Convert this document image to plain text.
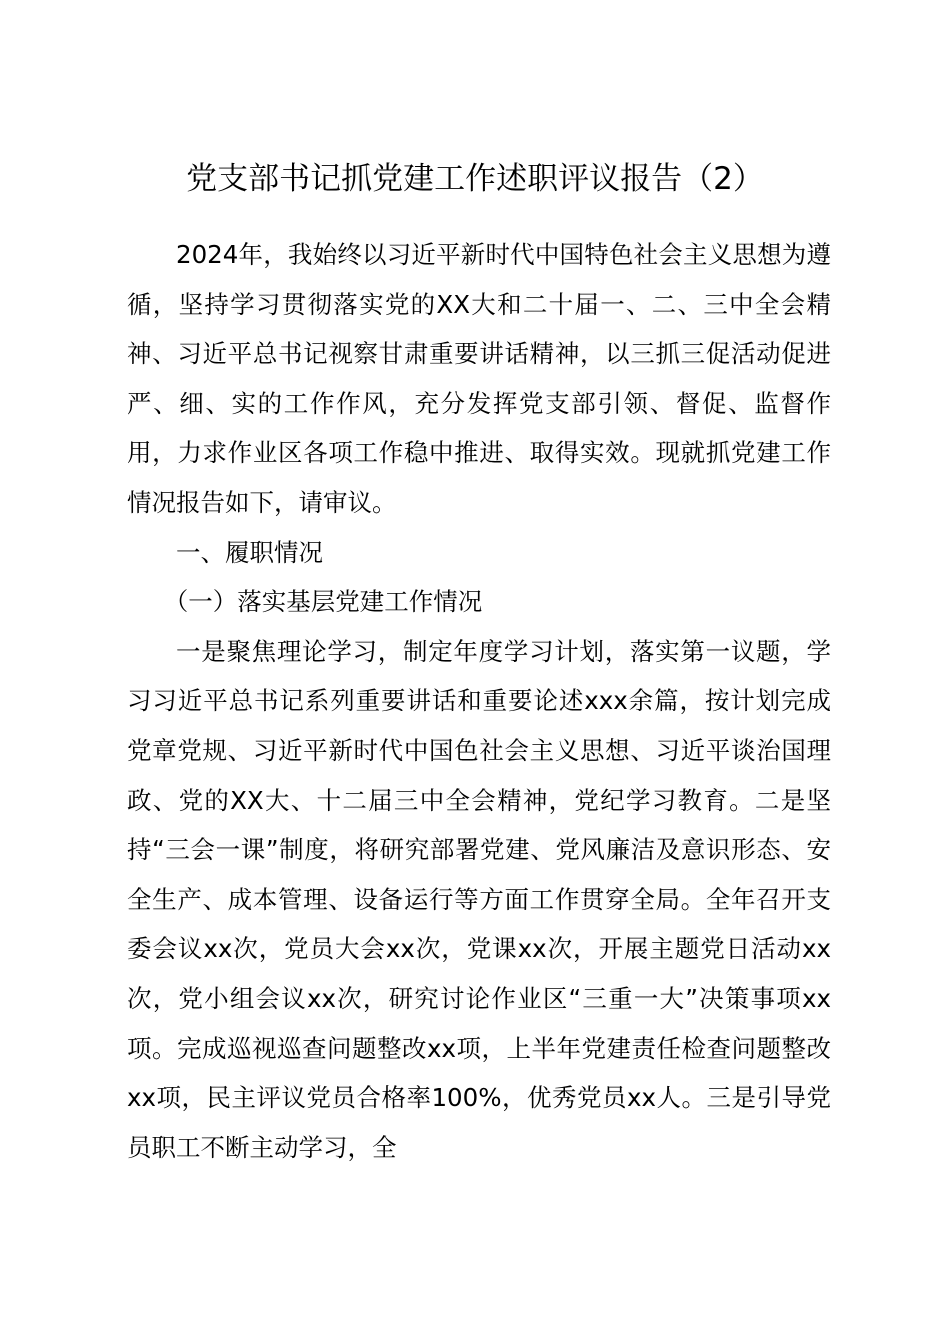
党支部书记抓党建工作述职评议报告（2）

2024年，我始终以习近平新时代中国特色社会主义思想为遵循，坚持学习贯彻落实党的XX大和二十届一、二、三中全会精神、习近平总书记视察甘肃重要讲话精神，以三抓三促活动促进严、细、实的工作作风，充分发挥党支部引领、督促、监督作用，力求作业区各项工作稳中推进、取得实效。现就抓党建工作情况报告如下，请审议。

一、履职情况

（一）落实基层党建工作情况

一是聚焦理论学习，制定年度学习计划，落实第一议题，学习习近平总书记系列重要讲话和重要论述xxx余篇，按计划完成党章党规、习近平新时代中国色社会主义思想、习近平谈治国理政、党的XX大、十二届三中全会精神，党纪学习教育。二是坚持“三会一课”制度，将研究部署党建、党风廉洁及意识形态、安全生产、成本管理、设备运行等方面工作贯穿全局。全年召开支委会议xx次，党员大会xx次，党课xx次，开展主题党日活动xx次，党小组会议xx次，研究讨论作业区“三重一大”决策事项xx项。完成巡视巡查问题整改xx项，上半年党建责任检查问题整改xx项，民主评议党员合格率100%，优秀党员xx人。三是引导党员职工不断主动学习，全
